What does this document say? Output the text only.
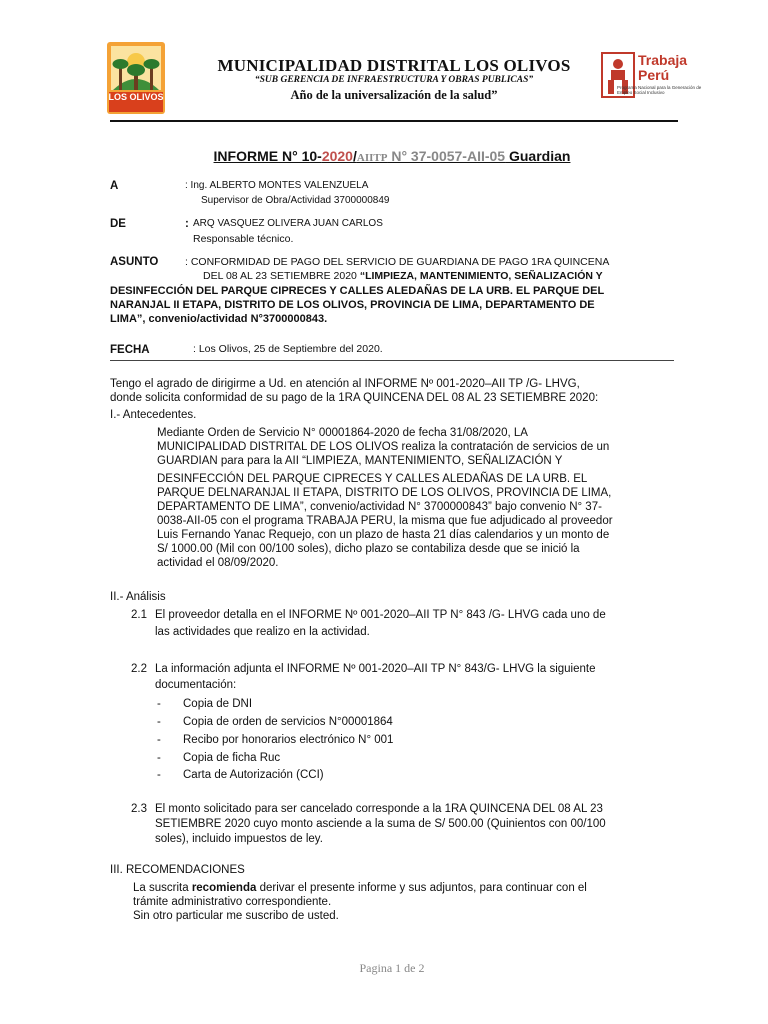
LOS OLIVOS
MUNICIPALIDAD DISTRITAL LOS OLIVOS
“SUB GERENCIA DE INFRAESTRUCTURA Y OBRAS PUBLICAS”
Año de la universalización de la salud”
Trabaja
Perú
Programa Nacional para la Generación de Empleo Social Inclusivo
INFORME N° 10-2020/AIITP N° 37-0057-AII-05 Guardian
A	: Ing. ALBERTO MONTES VALENZUELA
Supervisor de Obra/Actividad 3700000849
DE	: ARQ VASQUEZ OLIVERA JUAN CARLOS
Responsable técnico.
ASUNTO	: CONFORMIDAD DE PAGO DEL SERVICIO DE GUARDIANA DE PAGO 1RA QUINCENA
DEL 08 AL 23 SETIEMBRE 2020 “LIMPIEZA, MANTENIMIENTO, SEÑALIZACIÓN Y
DESINFECCIÓN DEL PARQUE CIPRECES Y CALLES ALEDAÑAS DE LA URB. EL PARQUE DEL
NARANJAL II ETAPA, DISTRITO DE LOS OLIVOS, PROVINCIA DE LIMA, DEPARTAMENTO DE
LIMA”, convenio/actividad N°3700000843.
FECHA	: Los Olivos, 25 de Septiembre del 2020.
Tengo el agrado de dirigirme a Ud. en atención al INFORME Nº 001-2020–AII TP /G- LHVG,
donde solicita conformidad de su pago de la 1RA QUINCENA DEL 08 AL 23 SETIEMBRE 2020:
I.- Antecedentes.
Mediante Orden de Servicio N° 00001864-2020 de fecha 31/08/2020, LA
MUNICIPALIDAD DISTRITAL DE LOS OLIVOS realiza la contratación de servicios de un
GUARDIAN para para la AII “LIMPIEZA, MANTENIMIENTO, SEÑALIZACIÓN Y
DESINFECCIÓN DEL PARQUE CIPRECES Y CALLES ALEDAÑAS DE LA URB. EL
PARQUE DELNARANJAL II ETAPA, DISTRITO DE LOS OLIVOS, PROVINCIA DE LIMA,
DEPARTAMENTO DE LIMA”, convenio/actividad N° 3700000843” bajo convenio N° 37-
0038-AII-05 con el programa TRABAJA PERU, la misma que fue adjudicado al proveedor
Luis Fernando Yanac Requejo, con un plazo de hasta 21 días calendarios y un monto de
S/ 1000.00 (Mil con 00/100 soles), dicho plazo se contabiliza desde que se inició la
actividad el 08/09/2020.
II.- Análisis
2.1 El proveedor detalla en el INFORME Nº 001-2020–AII TP N° 843 /G- LHVG cada uno de
las actividades que realizo en la actividad.
2.2 La información adjunta el INFORME Nº 001-2020–AII TP N° 843/G- LHVG la siguiente
documentación:
- Copia de DNI
- Copia de orden de servicios N°00001864
- Recibo por honorarios electrónico N° 001
- Copia de ficha Ruc
- Carta de Autorización (CCI)
2.3 El monto solicitado para ser cancelado corresponde a la 1RA QUINCENA DEL 08 AL 23
SETIEMBRE 2020 cuyo monto asciende a la suma de S/ 500.00 (Quinientos con 00/100
soles), incluido impuestos de ley.
III. RECOMENDACIONES
La suscrita recomienda derivar el presente informe y sus adjuntos, para continuar con el
trámite administrativo correspondiente.
Sin otro particular me suscribo de usted.
Pagina 1 de 2
